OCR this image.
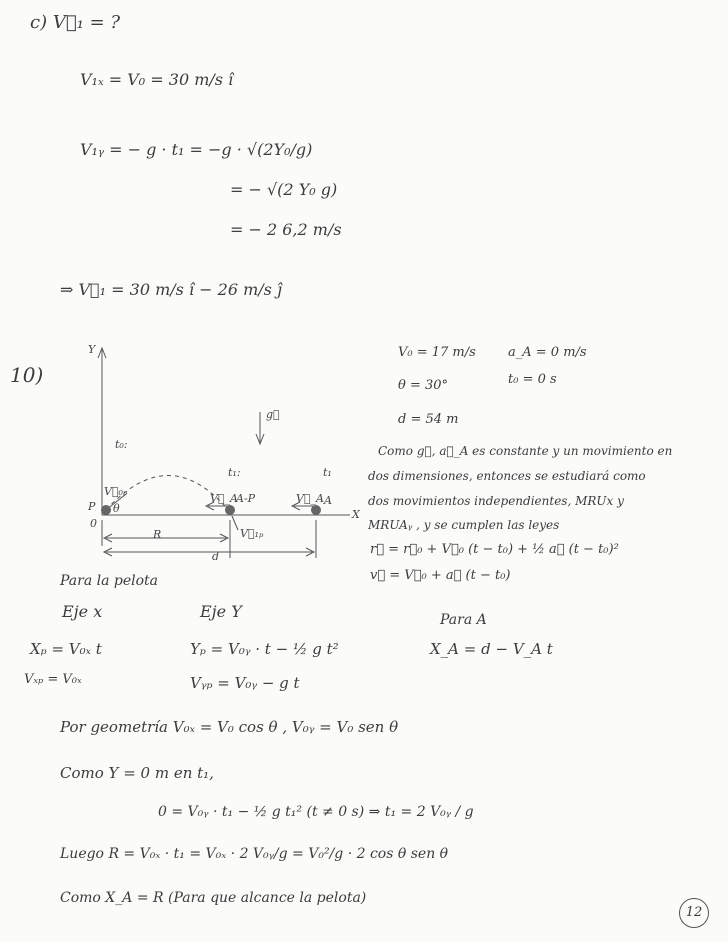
c) V⃗₁ = ?
V₁ₓ = V₀ = 30 m/s î
V₁ᵧ = − g · t₁ = −g · √(2Y₀/g)
= − √(2 Y₀ g)
= − 2 6,2 m/s
⇒ V⃗₁ = 30 m/s î − 26 m/s ĵ
10)
V₀ = 17 m/s a_A = 0 m/s
θ = 30°	t₀ = 0 s
d = 54 m
Como g⃗, a⃗_A es constante y un movimiento en
dos dimensiones, entonces se estudiará como
dos movimientos independientes, MRUx y
MRUAᵧ , y se cumplen las leyes
r⃗ = r⃗₀ + V⃗₀ (t − t₀) + ½ a⃗ (t − t₀)²
v⃗ = V⃗₀ + a⃗ (t − t₀)
Y
X
0
g⃗
t₀:
t₁:	t₁
P θ
V⃗₀ₚ
V⃗_A
A-P	V⃗_A A
V⃗₁ₚ
R
d
Para la pelota
Eje x	Eje Y	Para A
Xₚ = V₀ₓ t	Yₚ = V₀ᵧ · t − ½ g t²	X_A = d − V_A t
Vₓₚ = V₀ₓ	Vᵧₚ = V₀ᵧ − g t
Por geometría V₀ₓ = V₀ cos θ , V₀ᵧ = V₀ sen θ
Como Y = 0 m en t₁,
0 = V₀ᵧ · t₁ − ½ g t₁² (t ≠ 0 s) ⇒ t₁ = 2 V₀ᵧ / g
Luego R = V₀ₓ · t₁ = V₀ₓ · 2 V₀ᵧ/g = V₀²/g · 2 cos θ sen θ
Como X_A = R (Para que alcance la pelota)
12
